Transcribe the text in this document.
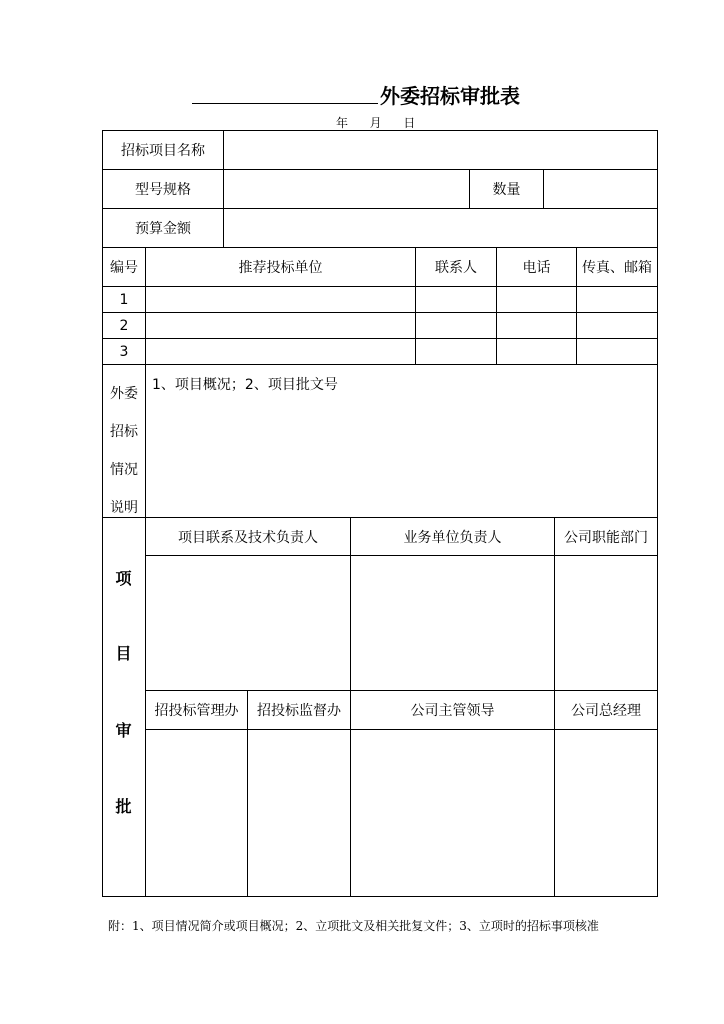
外委招标审批表
年 月 日
招标项目名称
型号规格	数量
预算金额
编号	推荐投标单位	联系人	电话	传真、邮箱
1
2
3
外委
招标
情况
说明
1、项目概况；2、项目批文号
项
目
审
批
项目联系及技术负责人	业务单位负责人	公司职能部门
招投标管理办	招投标监督办	公司主管领导	公司总经理
附：1、项目情况简介或项目概况；2、立项批文及相关批复文件；3、立项时的招标事项核准
